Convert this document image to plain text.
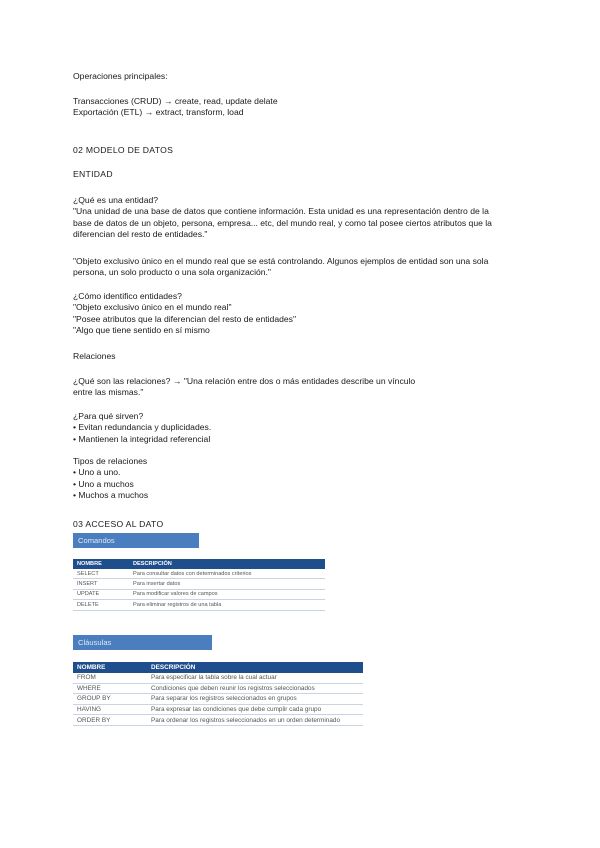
Operaciones principales:
Transacciones (CRUD) → create, read, update delate
Exportación (ETL) → extract, transform, load
02 MODELO DE DATOS
ENTIDAD
¿Qué es una entidad?
"Una unidad de una base de datos que contiene información. Esta unidad es una representación dentro de la
base de datos de un objeto, persona, empresa... etc, del mundo real, y como tal posee ciertos atributos que la
diferencian del resto de entidades."
"Objeto exclusivo único en el mundo real que se está controlando. Algunos ejemplos de entidad son una sola
persona, un solo producto o una sola organización."
¿Cómo identifico entidades?
"Objeto exclusivo único en el mundo real"
"Posee atributos que la diferencian del resto de entidades"
"Algo que tiene sentido en sí mismo
Relaciones
¿Qué son las relaciones? → "Una relación entre dos o más entidades describe un vínculo
entre las mismas."
¿Para qué sirven?
• Evitan redundancia y duplicidades.
• Mantienen la integridad referencial
Tipos de relaciones
• Uno a uno.
• Uno a muchos
• Muchos a muchos
03 ACCESO AL DATO
Comandos
NOMBRE	DESCRIPCIÓN
SELECT	Para consultar datos con determinados criterios
INSERT	Para insertar datos
UPDATE	Para modificar valores de campos
DELETE	Para eliminar registros de una tabla
Cláusulas
NOMBRE	DESCRIPCIÓN
FROM	Para especificar la tabla sobre la cual actuar
WHERE	Condiciones que deben reunir los registros seleccionados
GROUP BY	Para separar los registros seleccionados en grupos
HAVING	Para expresar las condiciones que debe cumplir cada grupo
ORDER BY	Para ordenar los registros seleccionados en un orden determinado
